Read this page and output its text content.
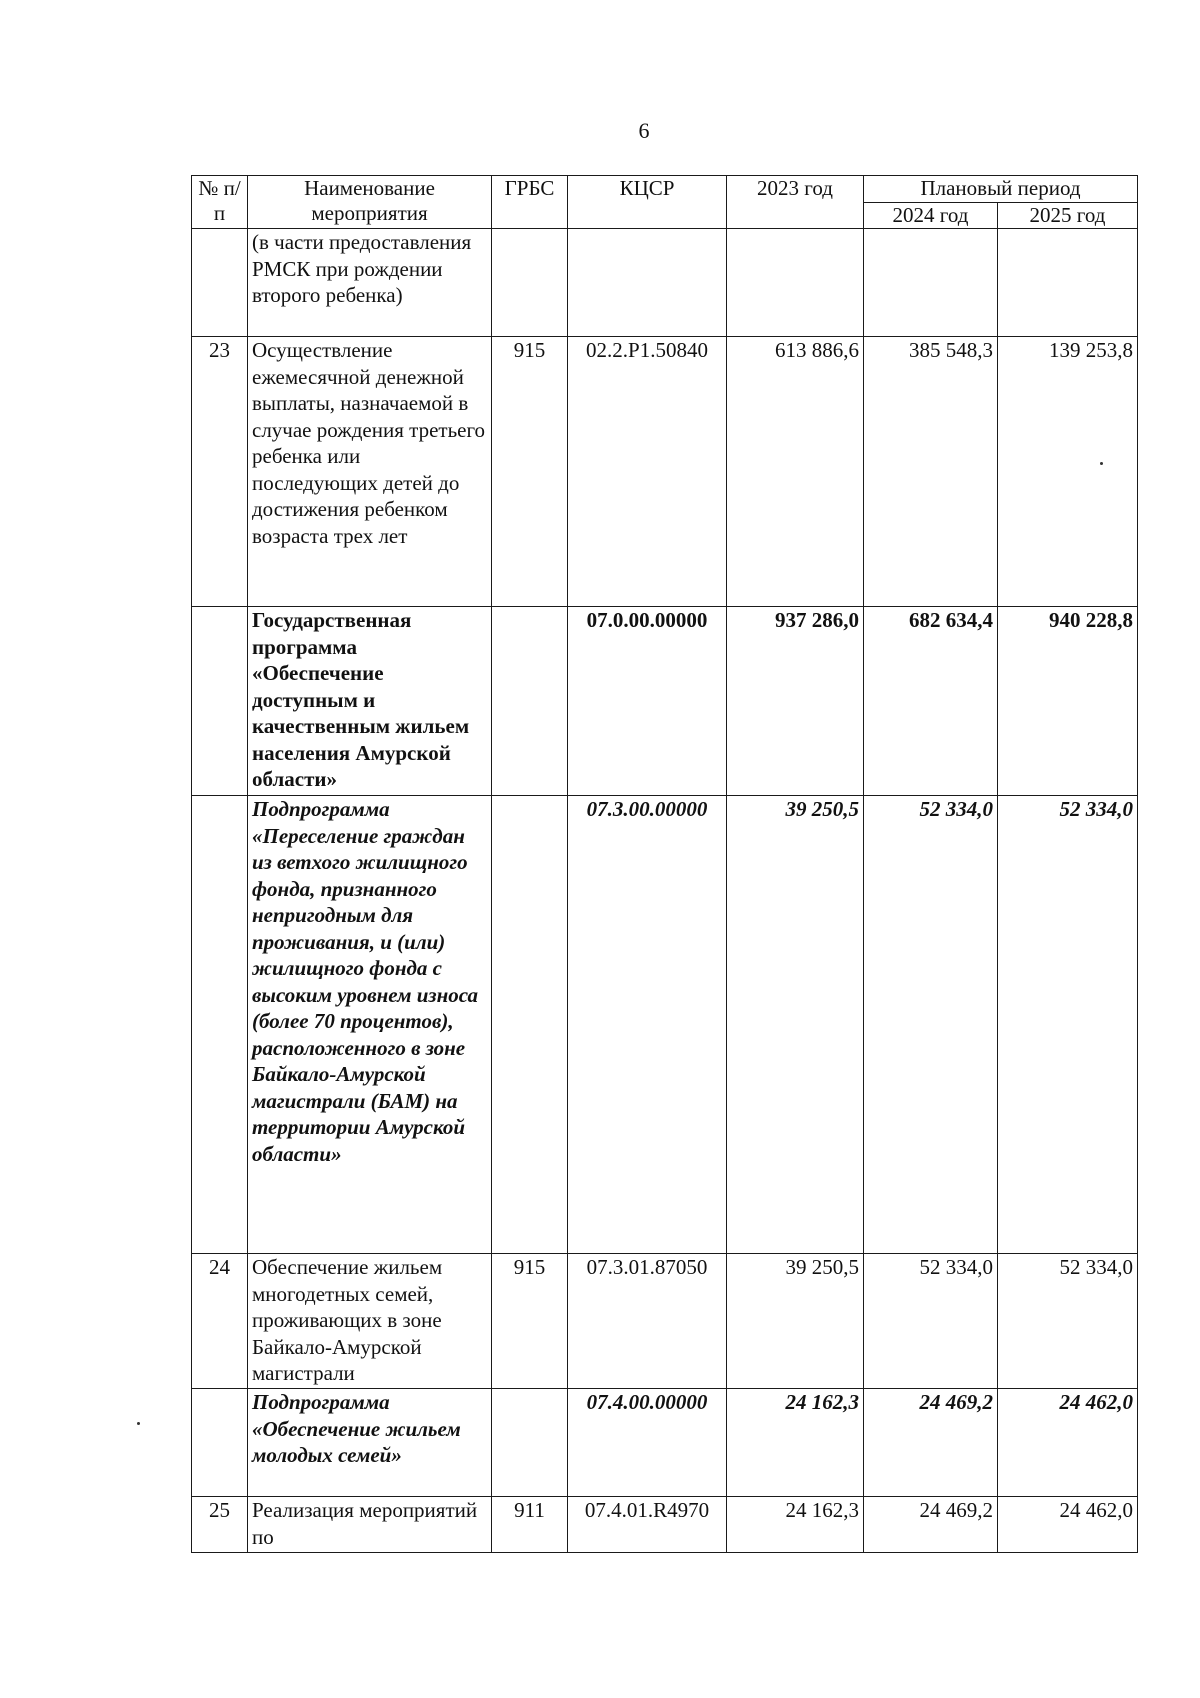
6
№ п/п	Наименование мероприятия	ГРБС	КЦСР	2023 год	Плановый период	
					2024 год	2025 год
	(в части предоставления РМСК при рождении второго ребенка)					
23	Осуществление ежемесячной денежной выплаты, назначаемой в случае рождения третьего ребенка или последующих детей до достижения ребенком возраста трех лет	915	02.2.P1.50840	613 886,6	385 548,3	139 253,8
	Государственная программа «Обеспечение доступным и качественным жильем населения Амурской области»		07.0.00.00000	937 286,0	682 634,4	940 228,8
	Подпрограмма «Переселение граждан из ветхого жилищного фонда, признанного непригодным для проживания, и (или) жилищного фонда с высоким уровнем износа (более 70 процентов), расположенного в зоне Байкало-Амурской магистрали (БАМ) на территории Амурской области»		07.3.00.00000	39 250,5	52 334,0	52 334,0
24	Обеспечение жильем многодетных семей, проживающих в зоне Байкало-Амурской магистрали	915	07.3.01.87050	39 250,5	52 334,0	52 334,0
	Подпрограмма «Обеспечение жильем молодых семей»		07.4.00.00000	24 162,3	24 469,2	24 462,0
25	Реализация мероприятий по	911	07.4.01.R4970	24 162,3	24 469,2	24 462,0
